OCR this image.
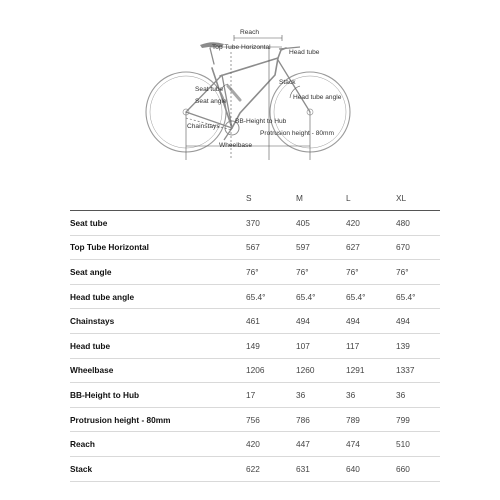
Reach
Top Tube Horizontal
Head tube
Stack
Seat tube
Seat angle
Head tube angle
BB-Height to Hub
Chainstays
Protrusion height - 80mm
Wheelbase
	S	M	L	XL
Seat tube	370	405	420	480
Top Tube Horizontal	567	597	627	670
Seat angle	76°	76°	76°	76°
Head tube angle	65.4°	65.4°	65.4°	65.4°
Chainstays	461	494	494	494
Head tube	149	107	117	139
Wheelbase	1206	1260	1291	1337
BB-Height to Hub	17	36	36	36
Protrusion height - 80mm	756	786	789	799
Reach	420	447	474	510
Stack	622	631	640	660
